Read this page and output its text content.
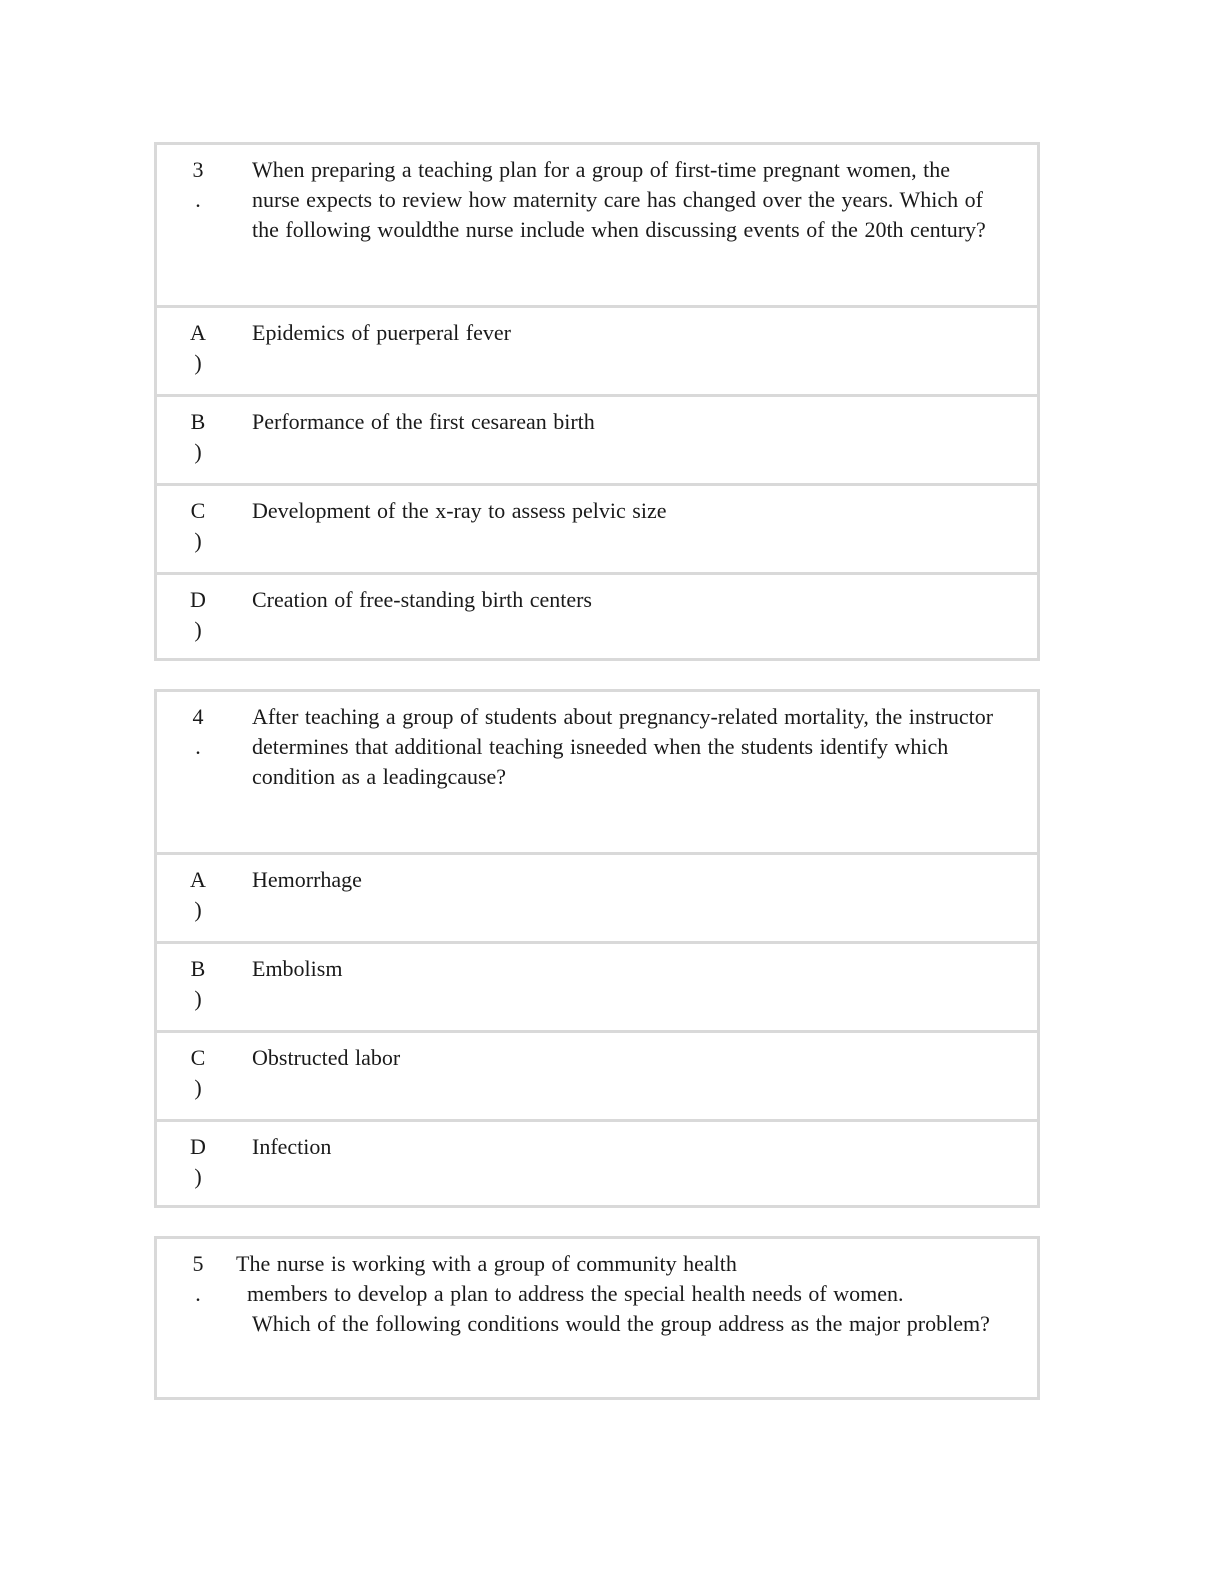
3
.
When preparing a teaching plan for a group of first-time pregnant women, the nurse expects to review how maternity care has changed over the years. Which of the following wouldthe nurse include when discussing events of the 20th century?
A
)
Epidemics of puerperal fever
B
)
Performance of the first cesarean birth
C
)
Development of the x-ray to assess pelvic size
D
)
Creation of free-standing birth centers
4
.
After teaching a group of students about pregnancy-related mortality, the instructor determines that additional teaching isneeded when the students identify which condition as a leadingcause?
A
)
Hemorrhage
B
)
Embolism
C
)
Obstructed labor
D
)
Infection
5
.
The nurse is working with a group of community health
members to develop a plan to address the special health needs of women.
Which of the following conditions would the group address as the major problem?
